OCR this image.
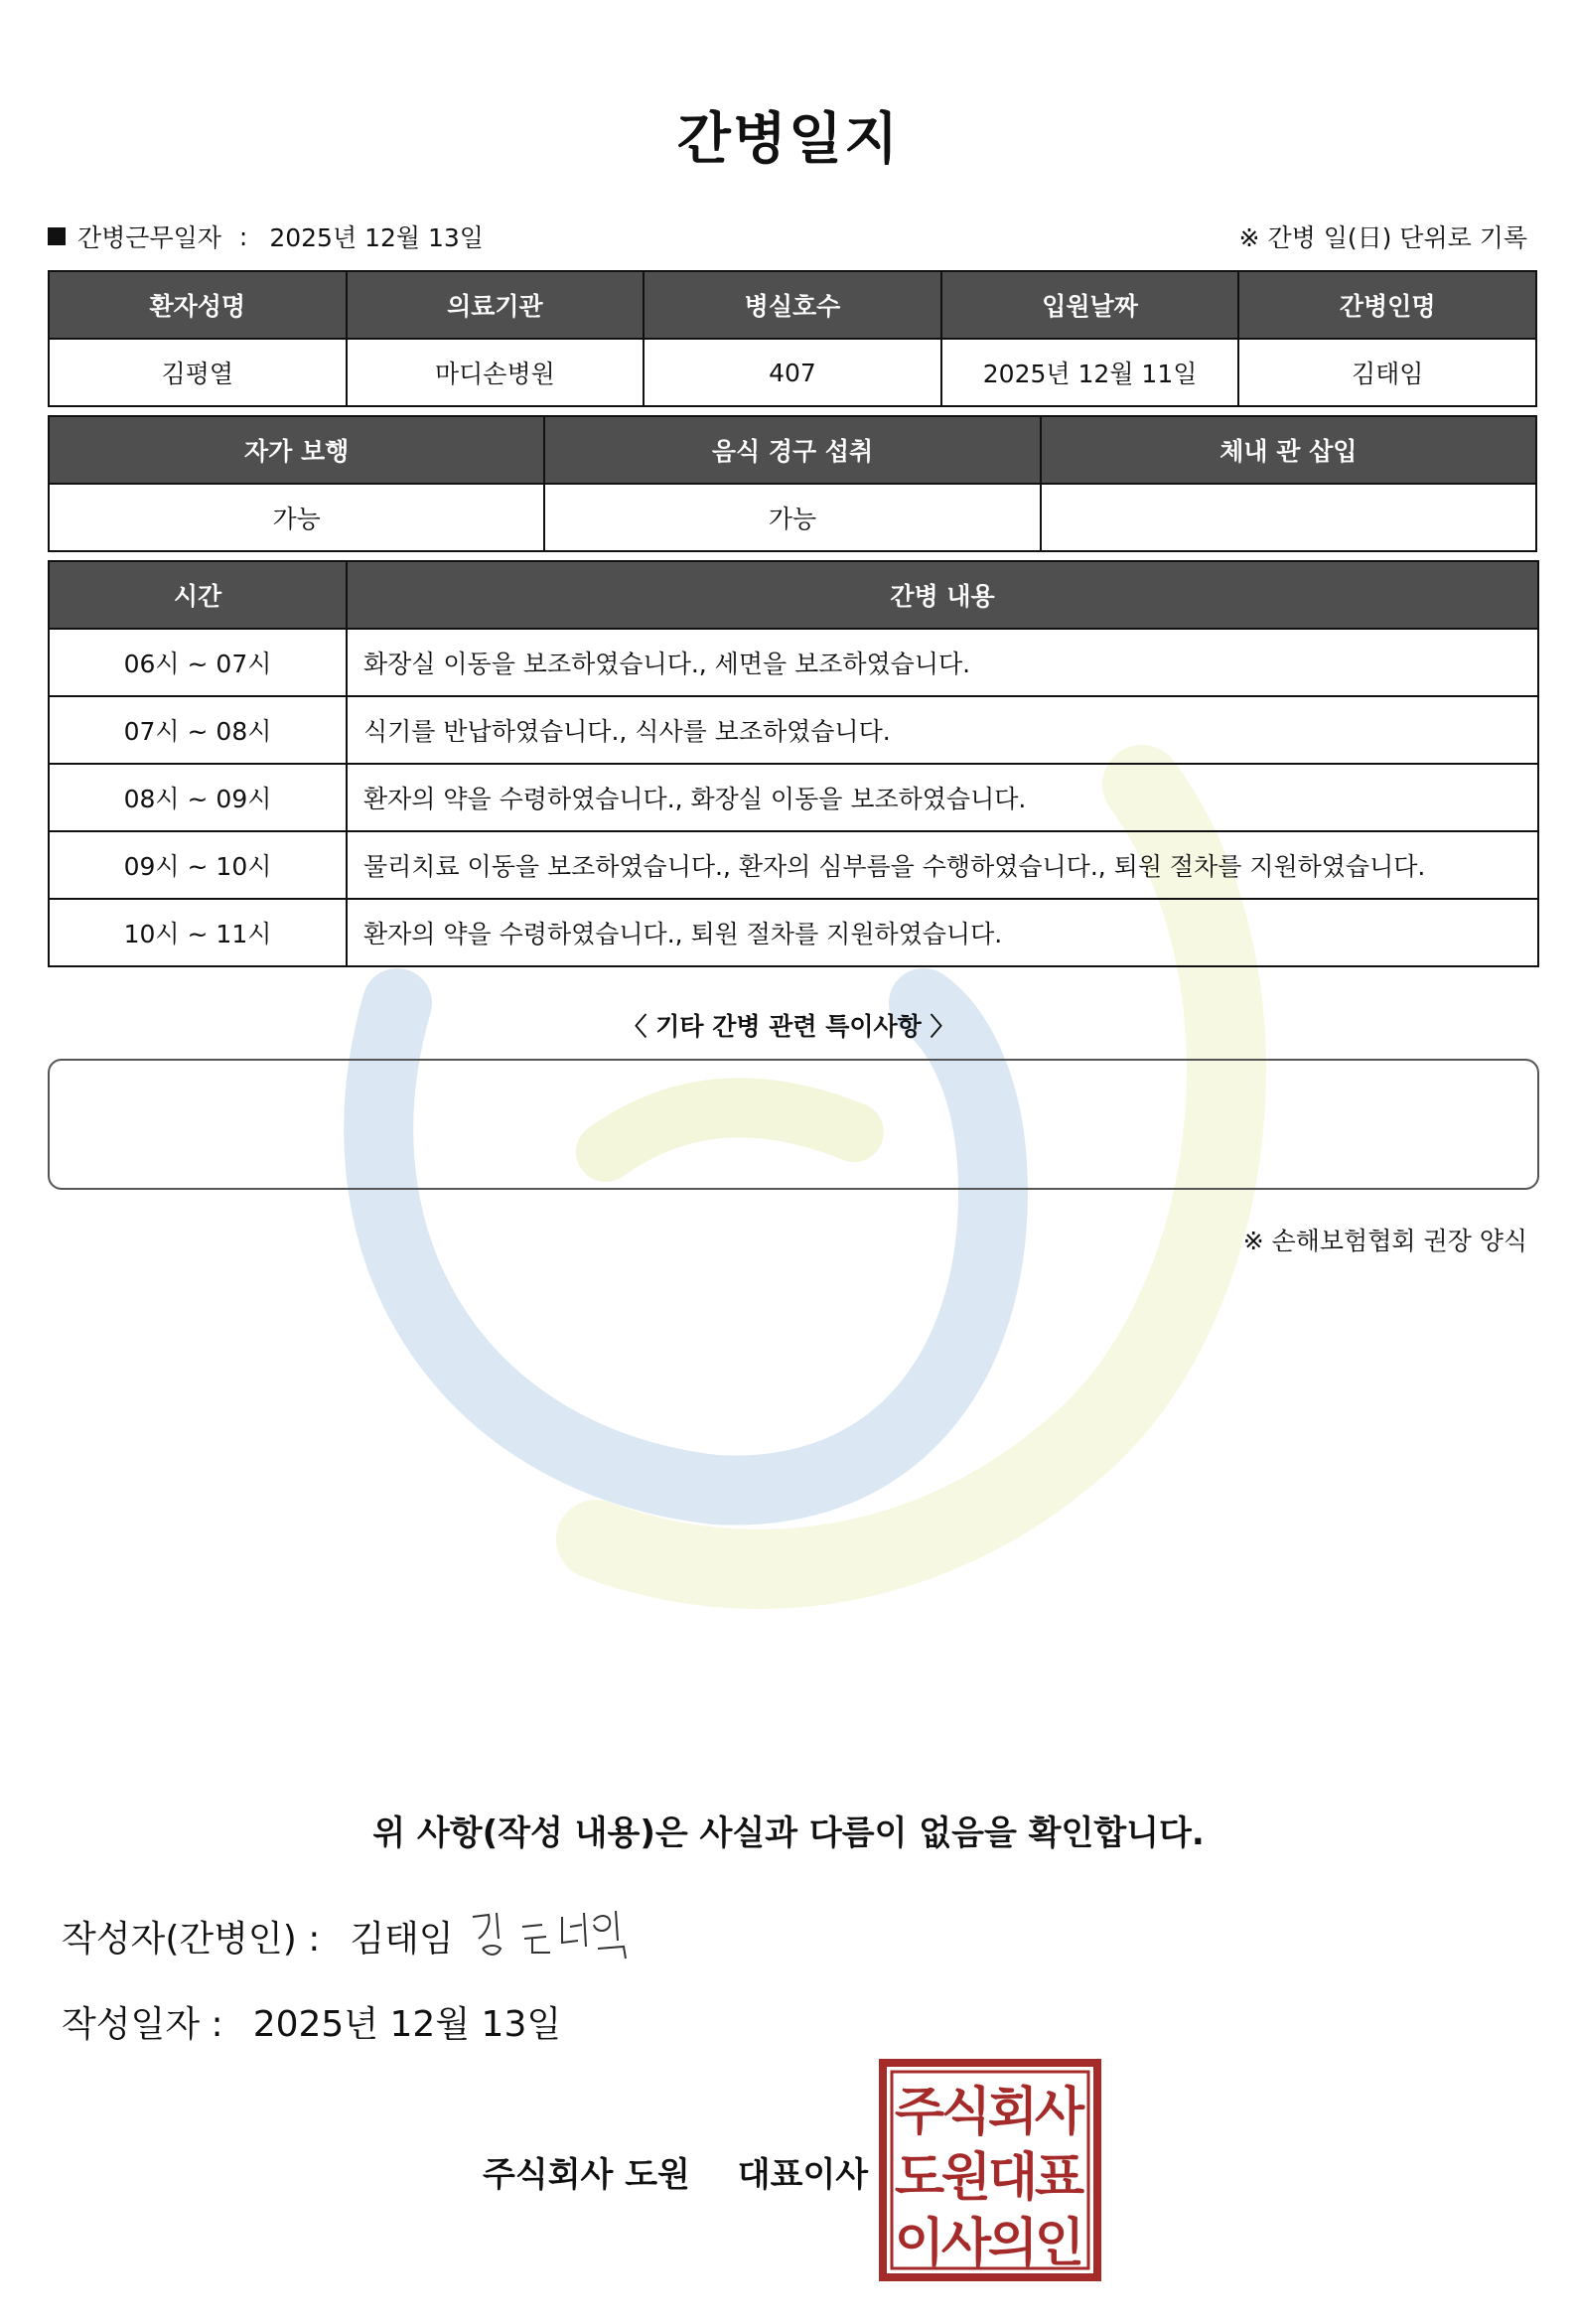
간병일지
간병근무일자 : 2025년 12월 13일	※ 간병 일(日) 단위로 기록
환자성명	의료기관	병실호수	입원날짜	간병인명
김평열	마디손병원	407	2025년 12월 11일	김태임
자가 보행	음식 경구 섭취	체내 관 삽입
가능	가능	
시간	간병 내용
06시 ~ 07시	화장실 이동을 보조하였습니다., 세면을 보조하였습니다.
07시 ~ 08시	식기를 반납하였습니다., 식사를 보조하였습니다.
08시 ~ 09시	환자의 약을 수령하였습니다., 화장실 이동을 보조하였습니다.
09시 ~ 10시	물리치료 이동을 보조하였습니다., 환자의 심부름을 수행하였습니다., 퇴원 절차를 지원하였습니다.
10시 ~ 11시	환자의 약을 수령하였습니다., 퇴원 절차를 지원하였습니다.
〈 기타 간병 관련 특이사항 〉
※ 손해보험협회 권장 양식
위 사항(작성 내용)은 사실과 다름이 없음을 확인합니다.
작성자(간병인) : 김태임
작성일자 : 2025년 12월 13일
주식회사 도원 대표이사
주
식
회
사
도
원
대
표
이
사
의
인
